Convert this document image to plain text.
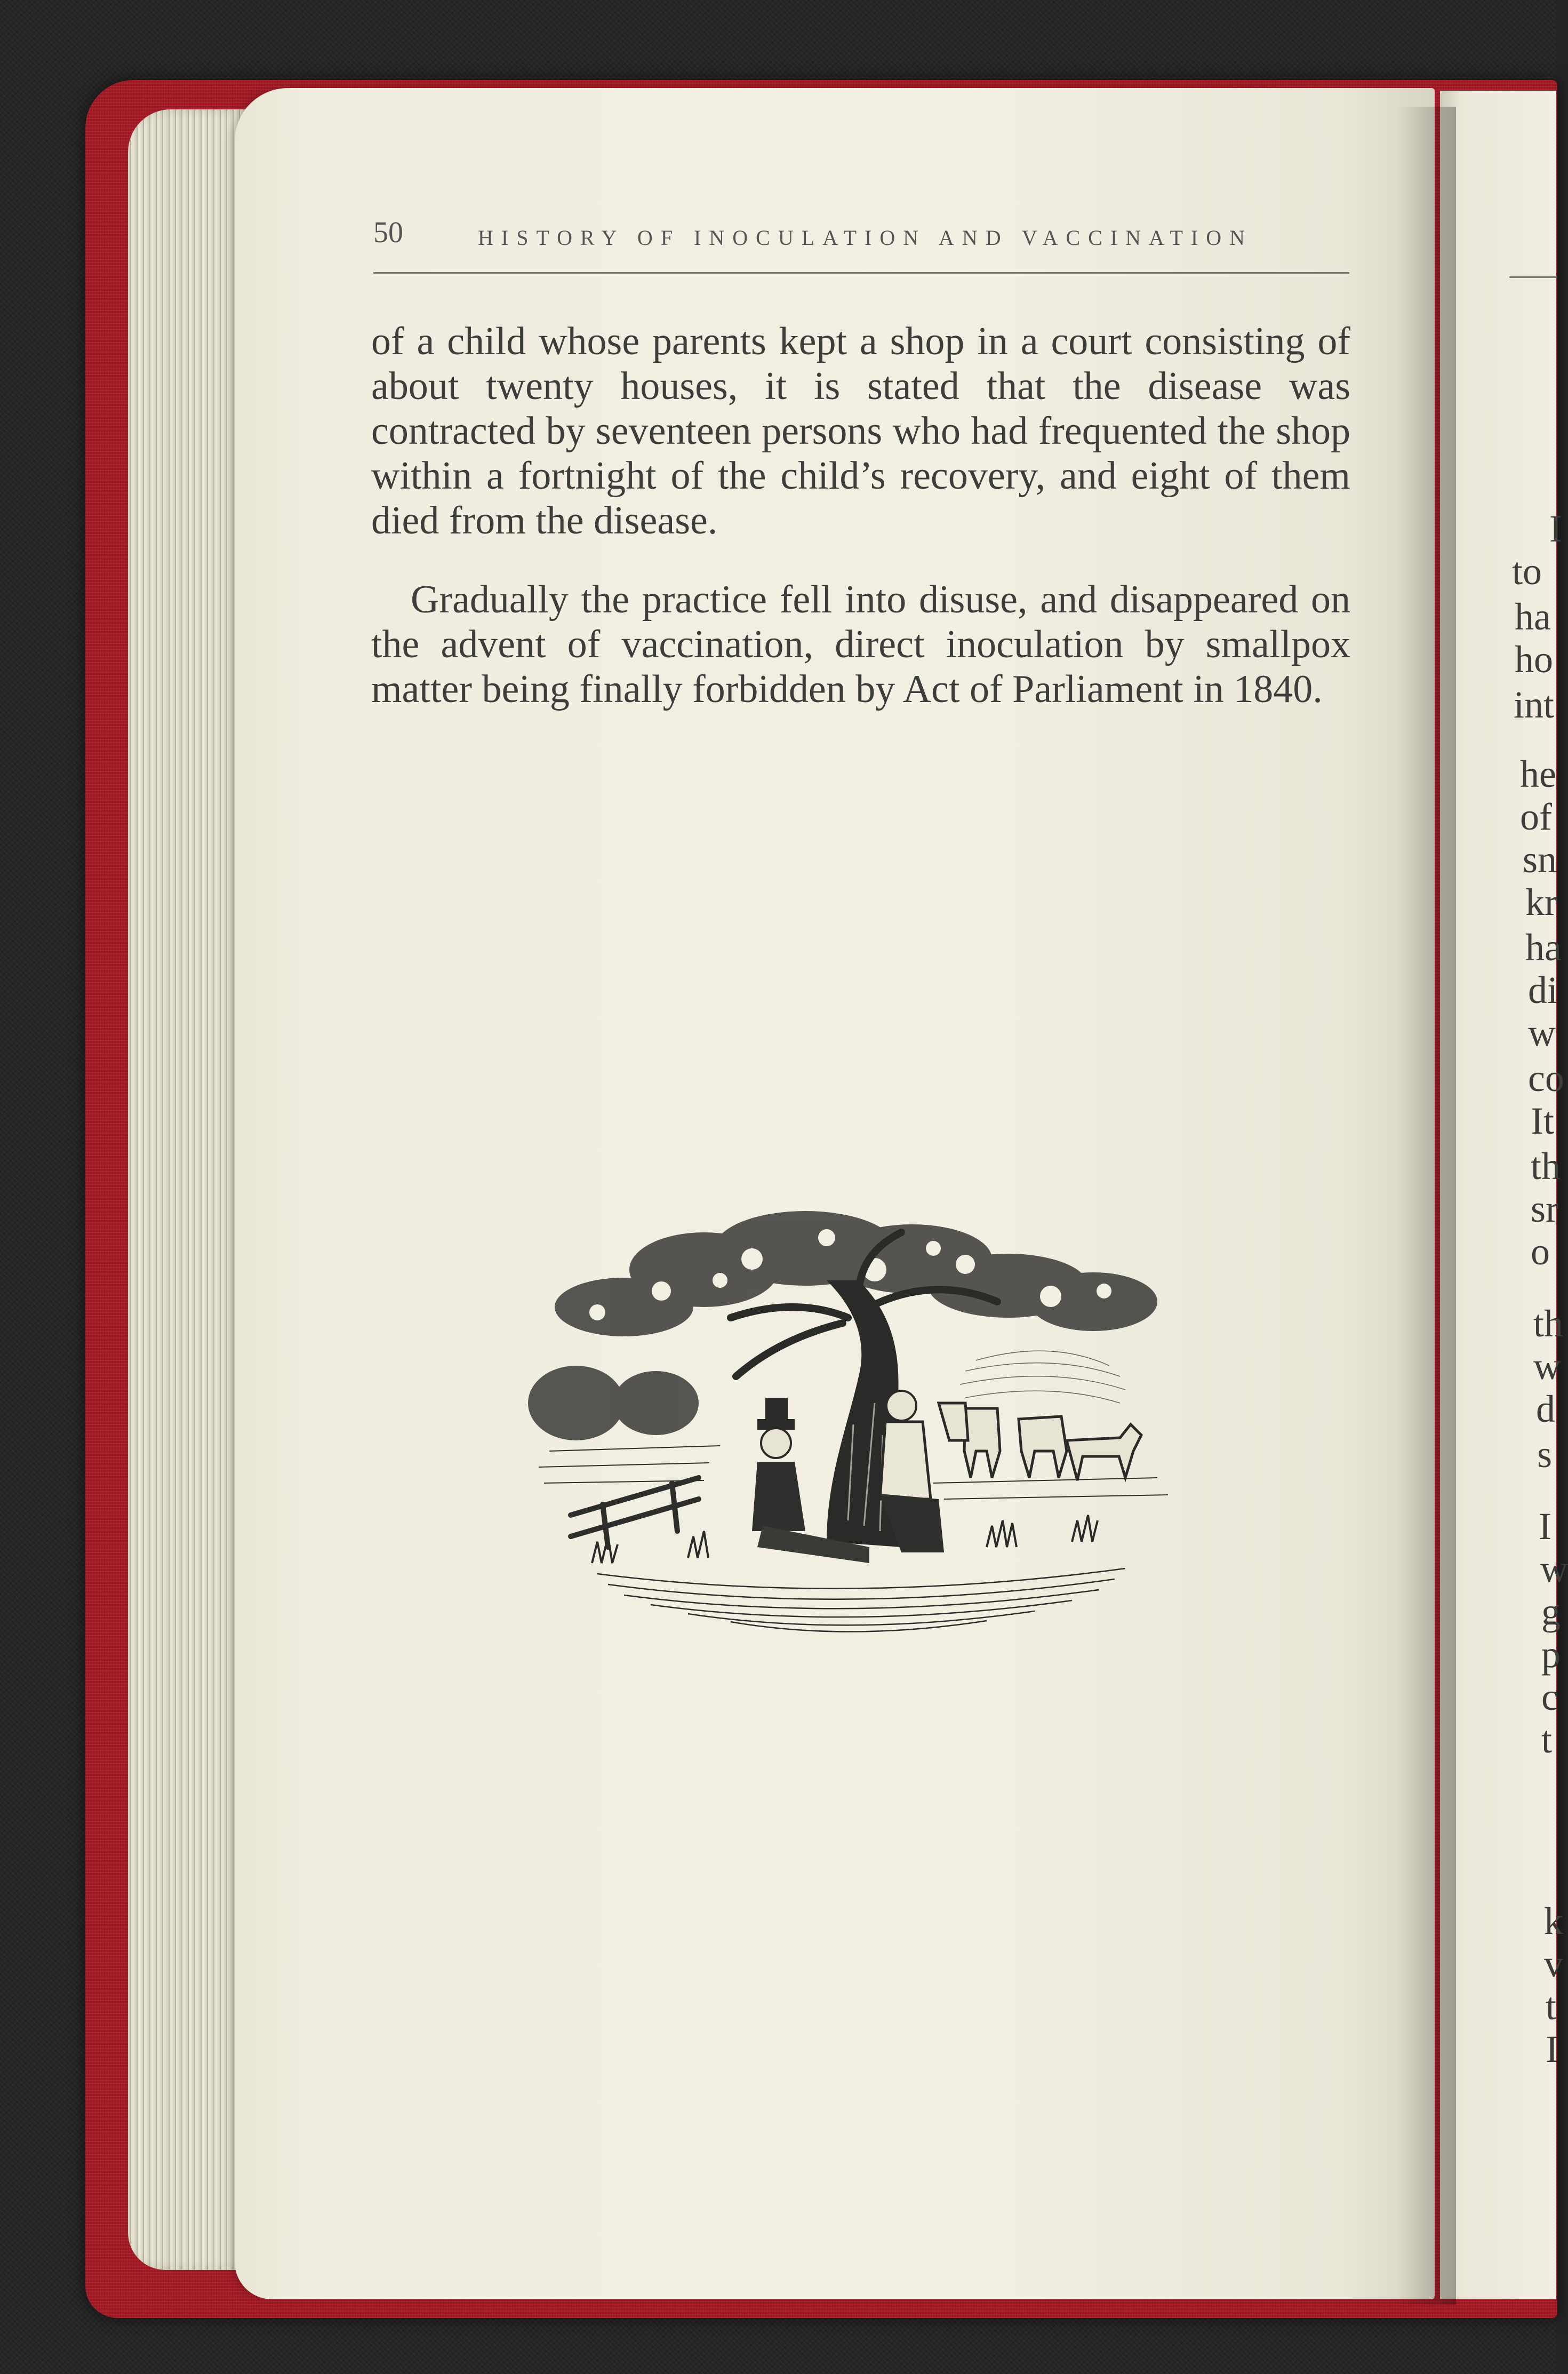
50	HISTORY OF INOCULATION AND VACCINATION

of a child whose parents kept a shop in a court consisting of about twenty houses, it is stated that the disease was contracted by seventeen persons who had frequented the shop within a fortnight of the child’s recovery, and eight of them died from the disease.

Gradually the practice fell into disuse, and disappeared on the advent of vaccination, direct inoculation by smallpox matter being finally forbidden by Act of Parliament in 1840.

I
to
ha
ho
int
he
of
sn
kr
ha
di
w
co
It
th
sr
o
th
w
d
s
I
w
g
p
c
t
k
v
t
I
